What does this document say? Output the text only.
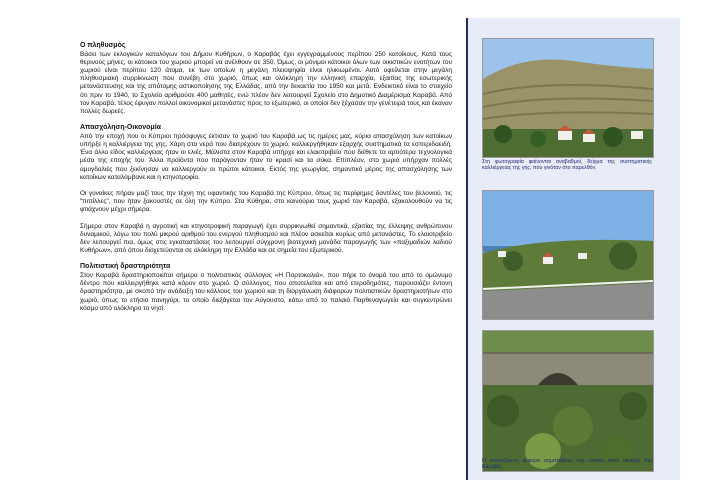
Ο πληθυσμός

Βάσει των εκλογικών καταλόγων του Δήμου Κυθήρων, ο Καραβάς έχει εγγεγραμμένους περίπου 250 κατοίκους. Κατά τους θερινούς μήνες, οι κάτοικοι του χωριού μπορεί να ανέλθουν σε 350. Όμως, οι μόνιμοι κάτοικοι όλων των οικιστικών ενοτήτων του χωριού είναι περίπου 120 άτομα, εκ των οποίων η μεγάλη πλειοψηφία είναι ηλικιωμένοι. Αυτό οφείλεται στην μεγάλη πληθυσμιακή συρρίκνωση που συνέβη στο χωριό, όπως και ολόκληρη την ελληνική επαρχία, εξαιτίας της εσωτερικής μετανάστευσης και της απότομης αστικοποίησης της Ελλάδας, από την δεκαετία του 1950 και μετά. Ενδεικτικό είναι το στοιχείο ότι πριν το 1940, το Σχολείο αριθμούσε 400 μαθητές, ενώ πλέον δεν λειτουργεί Σχολείο στο Δημοτικό Διαμέρισμα Καραβά. Από τον Καραβά, τέλος έφυγαν πολλοί οικονομικοί μετανάστες προς το εξωτερικό, οι οποίοι δεν ξέχασαν την γενέτειρά τους και έκαναν πολλές δωρεές.

Απασχόληση-Οικονομία

Από την εποχή που οι Κύπριοι πρόσφυγες έκτισαν το χωριό του Καραβά ως τις ημέρες μας, κύρια απασχόληση των κατοίκων υπήρξε η καλλιέργεια της γης. Χάρη στα νερά που διατρέχουν το χωριό, καλλιεργήθηκαν εξαρχής συστηματικά τα εσπεριδοειδή. Ένα άλλο είδος καλλιέργειας ήταν οι ελιές. Μάλιστα στον Καραβά υπήρχε και ελαιοτριβείο που διέθετε τα αρτιότερα τεχνολογικά μέσα της εποχής του. Άλλα προϊόντα που παράγονταν ήταν το κρασί και τα σύκα. Επιπλέον, στο χωριό υπήρχαν πολλές αμυγδαλιές που ξεκίνησαν να καλλιεργούν οι πρώτοι κάτοικοι. Εκτός της γεωργίας, σημαντικό μέρος της απασχόλησης των κατοίκων καταλάμβανε και η κτηνοτροφία.

Οι γυναίκες πήραν μαζί τους την τέχνη της υφαντικής του Καραβά της Κύπρου, όπως τις περίφημες δαντέλες του βελονιού, τις “πιπίλλες”, που ήταν ξακουστές σε όλη την Κύπρο. Στα Κύθηρα, στο καινούριο τους χωριό τον Καραβά, εξακολουθούν να τις φτιάχνουν μέχρι σήμερα.

Σήμερα στον Καραβά η αγροτική και κτηνοτροφική παραγωγή έχει συρρικνωθεί σημαντικά, εξαιτίας της έλλειψης ανθρώπινου δυναμικού, λόγω του πολύ μικρού αριθμού του ενεργού πληθυσμού και πλέον ασκείται κυρίως από μετανάστες. Το ελαιοτριβείο δεν λειτουργεί πια, όμως στις εγκαταστάσεις του λειτουργεί σύγχρονη βιοτεχνική μονάδα παραγωγής των «παξιμαδιών λαδιού Κυθήρων», από όπου διοχετεύονται σε ολόκληρη την Ελλάδα και σε σημεία του εξωτερικού.

Πολιτιστική δραστηριότητα

Στον Καραβά δραστηριοποιείται σήμερα ο πολιτιστικός σύλλογος «Η Πορτοκαλιά», που πήρε το όνομά του από το ομώνυμο δέντρο που καλλιεργήθηκε κατά κόρον στο χωριό. Ο σύλλογος, που αποτελείται και από ετεροδημότες, παρουσιάζει έντονη δραστηριότητα, με σκοπό την ανάδειξη του κάλλους του χωριού και τη διοργάνωση διάφορων πολιτιστικών δραστηριοτήτων στο χωριό, όπως το ετήσιο πανηγύρι, το οποίο διεξάγεται τον Αύγουστο, κάτω από το παλαιό Παρθεναγωγείο και συγκεντρώνει κόσμο από ολόκληρο το νησί.

Στη φωτογραφία φαίνονται αναβαθμοί, δείγμα της συστηματικής καλλιέργειας της γης, που γινόταν στο παρελθόν.
Η εικονιζόμενη γέφυρα σηματοδοτεί την είσοδο στον οικισμό του Καραβά.
